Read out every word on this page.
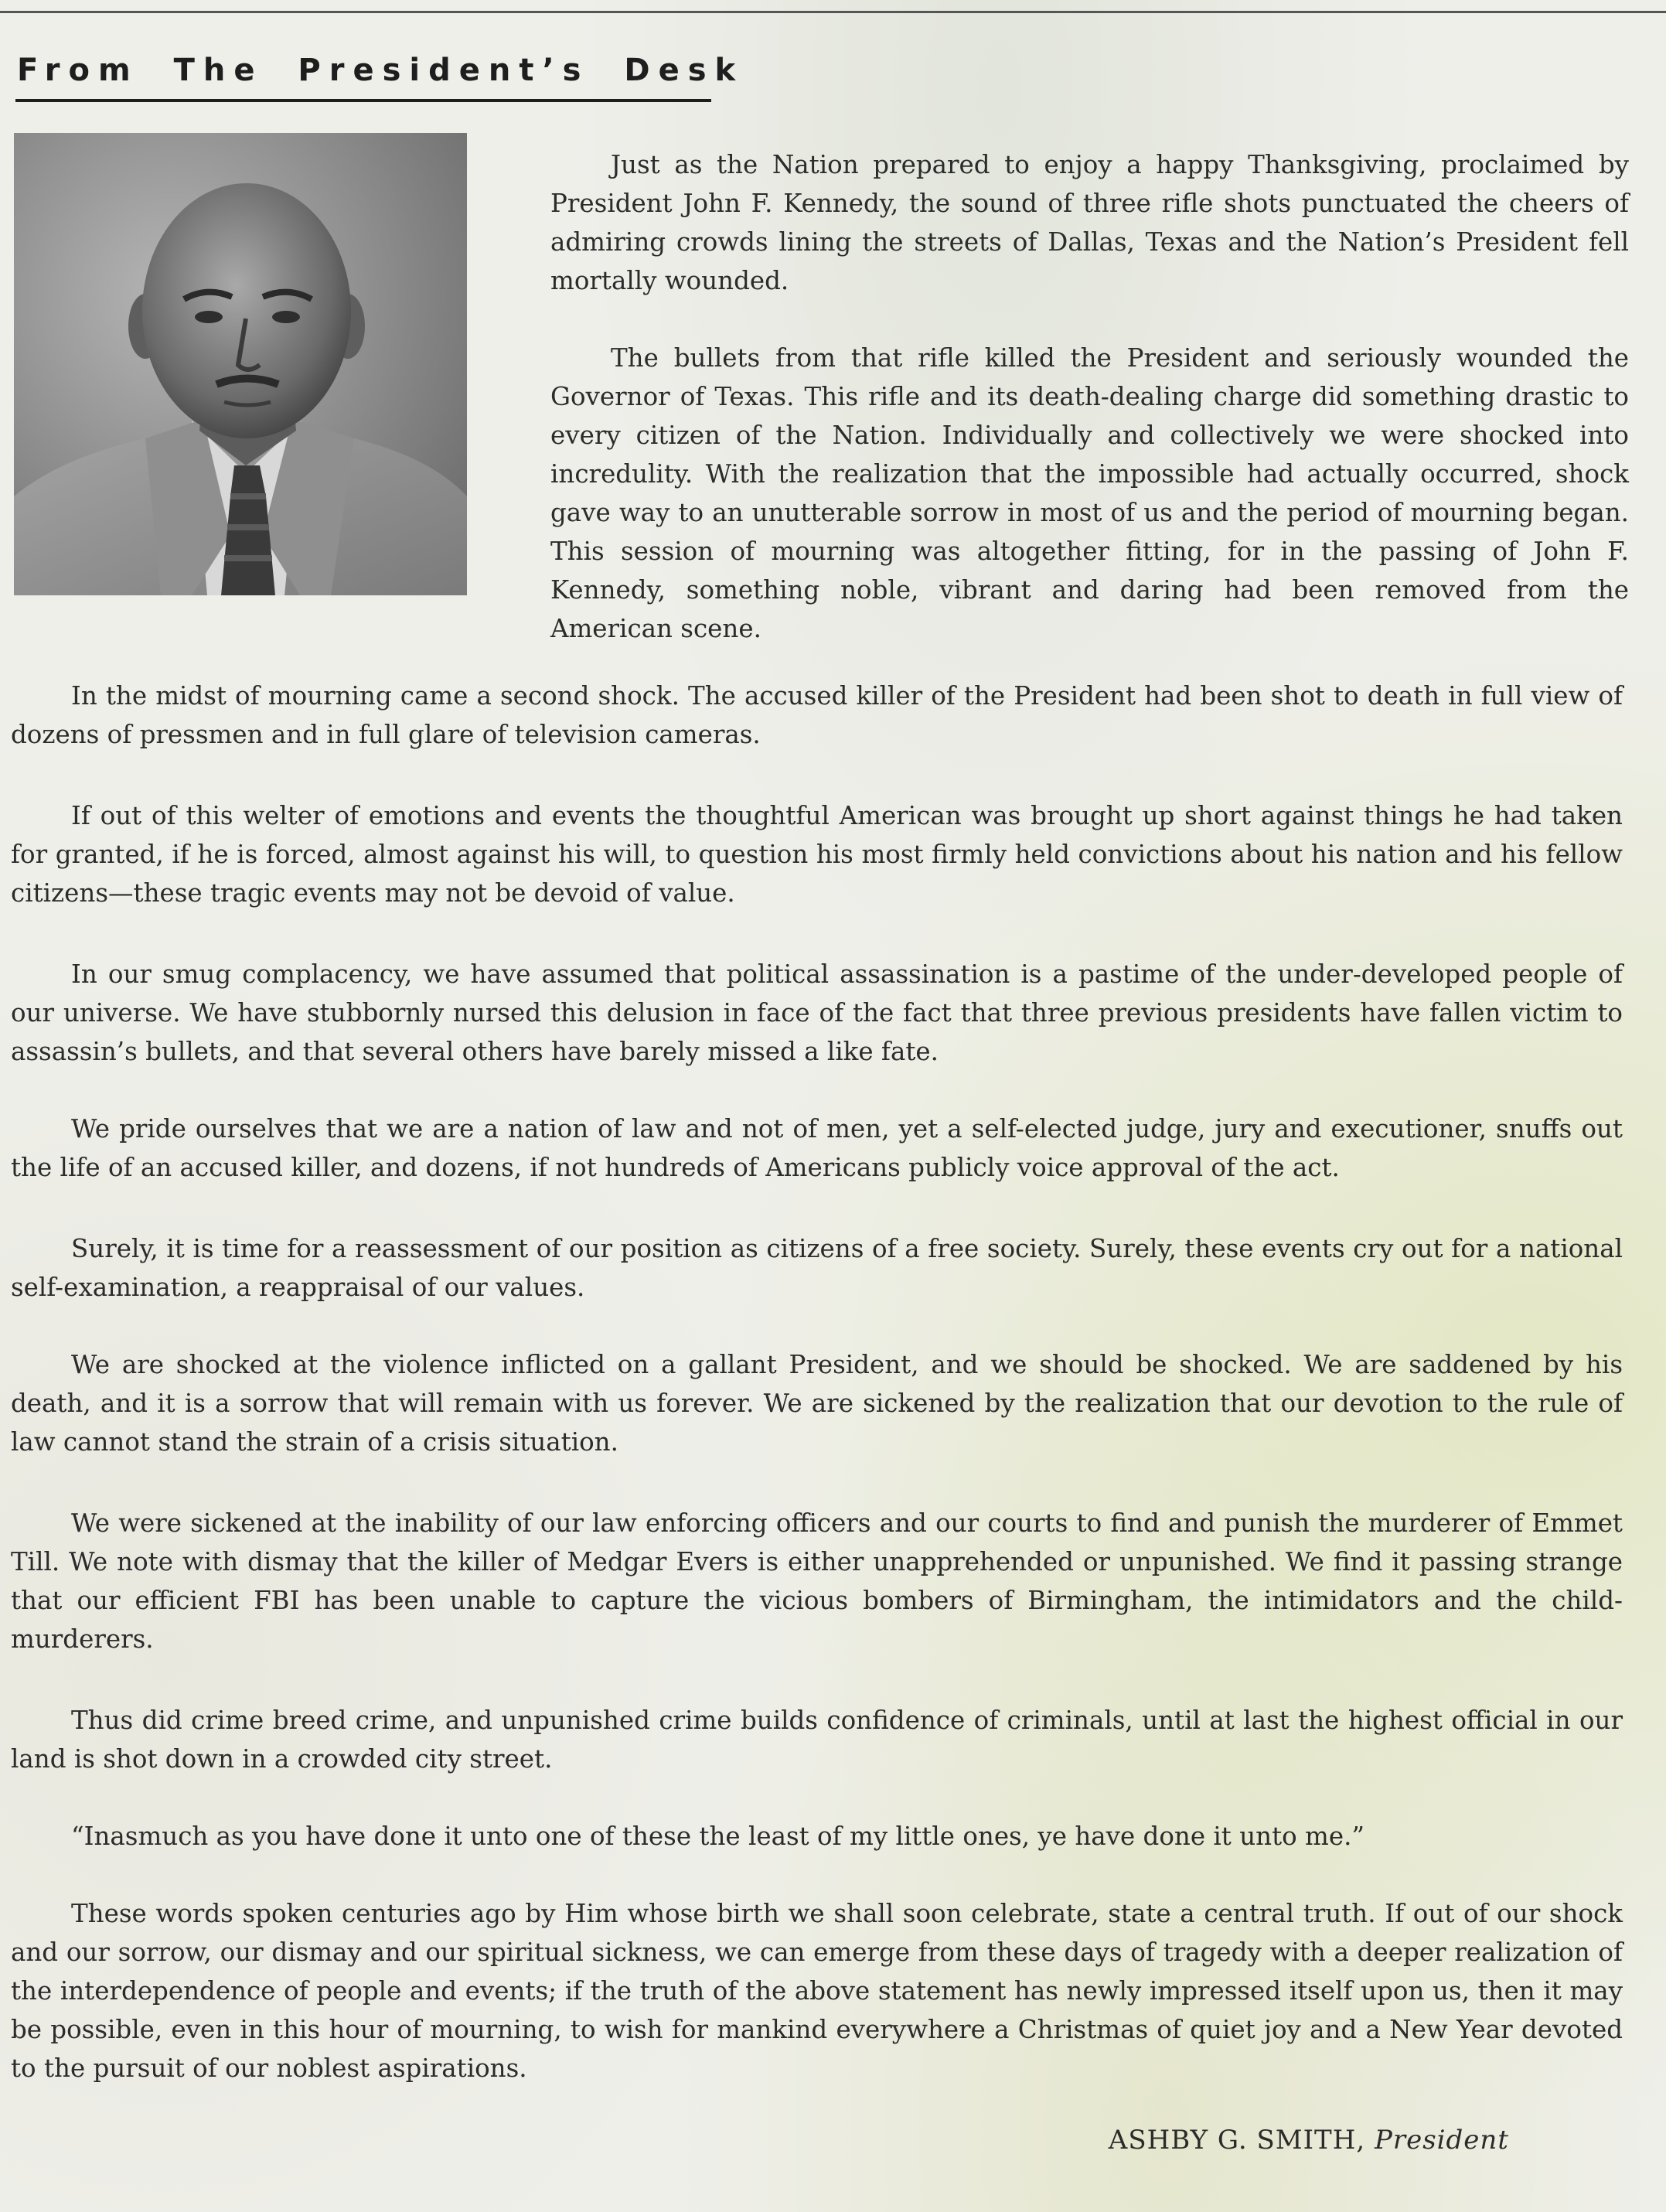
From The President’s Desk

Just as the Nation prepared to enjoy a happy Thanksgiving, proclaimed by President John F. Kennedy, the sound of three rifle shots punctuated the cheers of admiring crowds lining the streets of Dallas, Texas and the Nation’s President fell mortally wounded.

The bullets from that rifle killed the President and seriously wounded the Governor of Texas. This rifle and its death-dealing charge did something drastic to every citizen of the Nation. Individually and collectively we were shocked into incredulity. With the realization that the impossible had actually occurred, shock gave way to an unutterable sorrow in most of us and the period of mourning began. This session of mourning was altogether fitting, for in the passing of John F. Kennedy, something noble, vibrant and daring had been removed from the American scene.

In the midst of mourning came a second shock. The accused killer of the President had been shot to death in full view of dozens of pressmen and in full glare of television cameras.

If out of this welter of emotions and events the thoughtful American was brought up short against things he had taken for granted, if he is forced, almost against his will, to question his most firmly held convictions about his nation and his fellow citizens—these tragic events may not be devoid of value.

In our smug complacency, we have assumed that political assassination is a pastime of the under-developed people of our universe. We have stubbornly nursed this delusion in face of the fact that three previous presidents have fallen victim to assassin’s bullets, and that several others have barely missed a like fate.

We pride ourselves that we are a nation of law and not of men, yet a self-elected judge, jury and executioner, snuffs out the life of an accused killer, and dozens, if not hundreds of Americans publicly voice approval of the act.

Surely, it is time for a reassessment of our position as citizens of a free society. Surely, these events cry out for a national self-examination, a reappraisal of our values.

We are shocked at the violence inflicted on a gallant President, and we should be shocked. We are saddened by his death, and it is a sorrow that will remain with us forever. We are sickened by the realization that our devotion to the rule of law cannot stand the strain of a crisis situation.

We were sickened at the inability of our law enforcing officers and our courts to find and punish the murderer of Emmet Till. We note with dismay that the killer of Medgar Evers is either unapprehended or unpunished. We find it passing strange that our efficient FBI has been unable to capture the vicious bombers of Birmingham, the intimidators and the child-murderers.

Thus did crime breed crime, and unpunished crime builds confidence of criminals, until at last the highest official in our land is shot down in a crowded city street.

“Inasmuch as you have done it unto one of these the least of my little ones, ye have done it unto me.”

These words spoken centuries ago by Him whose birth we shall soon celebrate, state a central truth. If out of our shock and our sorrow, our dismay and our spiritual sickness, we can emerge from these days of tragedy with a deeper realization of the interdependence of people and events; if the truth of the above statement has newly impressed itself upon us, then it may be possible, even in this hour of mourning, to wish for mankind everywhere a Christmas of quiet joy and a New Year devoted to the pursuit of our noblest aspirations.

ASHBY G. SMITH, President
